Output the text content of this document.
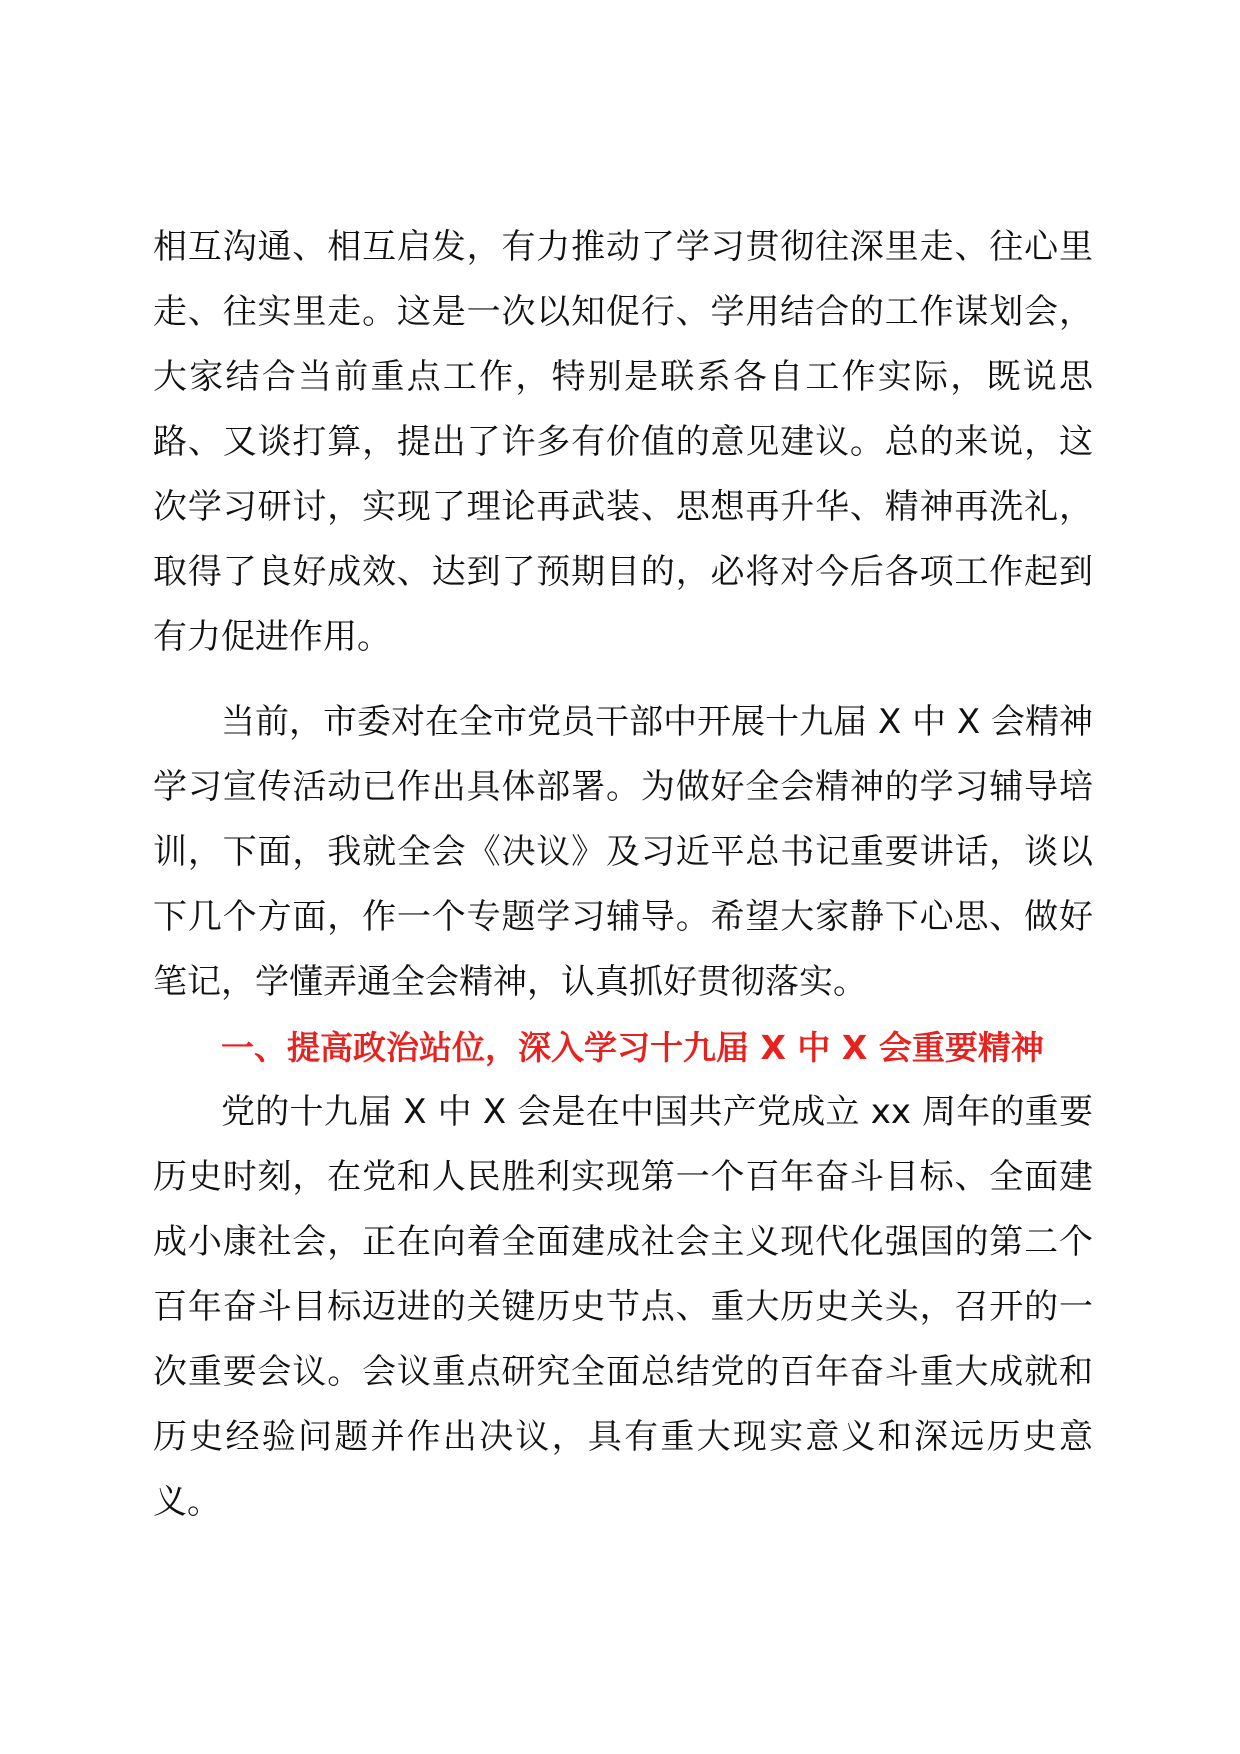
相互沟通、相互启发，有力推动了学习贯彻往深里走、往心里走、往实里走。这是一次以知促行、学用结合的工作谋划会，大家结合当前重点工作，特别是联系各自工作实际，既说思路、又谈打算，提出了许多有价值的意见建议。总的来说，这次学习研讨，实现了理论再武装、思想再升华、精神再洗礼，取得了良好成效、达到了预期目的，必将对今后各项工作起到有力促进作用。

当前，市委对在全市党员干部中开展十九届 X 中 X 会精神学习宣传活动已作出具体部署。为做好全会精神的学习辅导培训，下面，我就全会《决议》及习近平总书记重要讲话，谈以下几个方面，作一个专题学习辅导。希望大家静下心思、做好笔记，学懂弄通全会精神，认真抓好贯彻落实。

一、提高政治站位，深入学习十九届 X 中 X 会重要精神

党的十九届 X 中 X 会是在中国共产党成立 xx 周年的重要历史时刻，在党和人民胜利实现第一个百年奋斗目标、全面建成小康社会，正在向着全面建成社会主义现代化强国的第二个百年奋斗目标迈进的关键历史节点、重大历史关头，召开的一次重要会议。会议重点研究全面总结党的百年奋斗重大成就和历史经验问题并作出决议，具有重大现实意义和深远历史意义。
